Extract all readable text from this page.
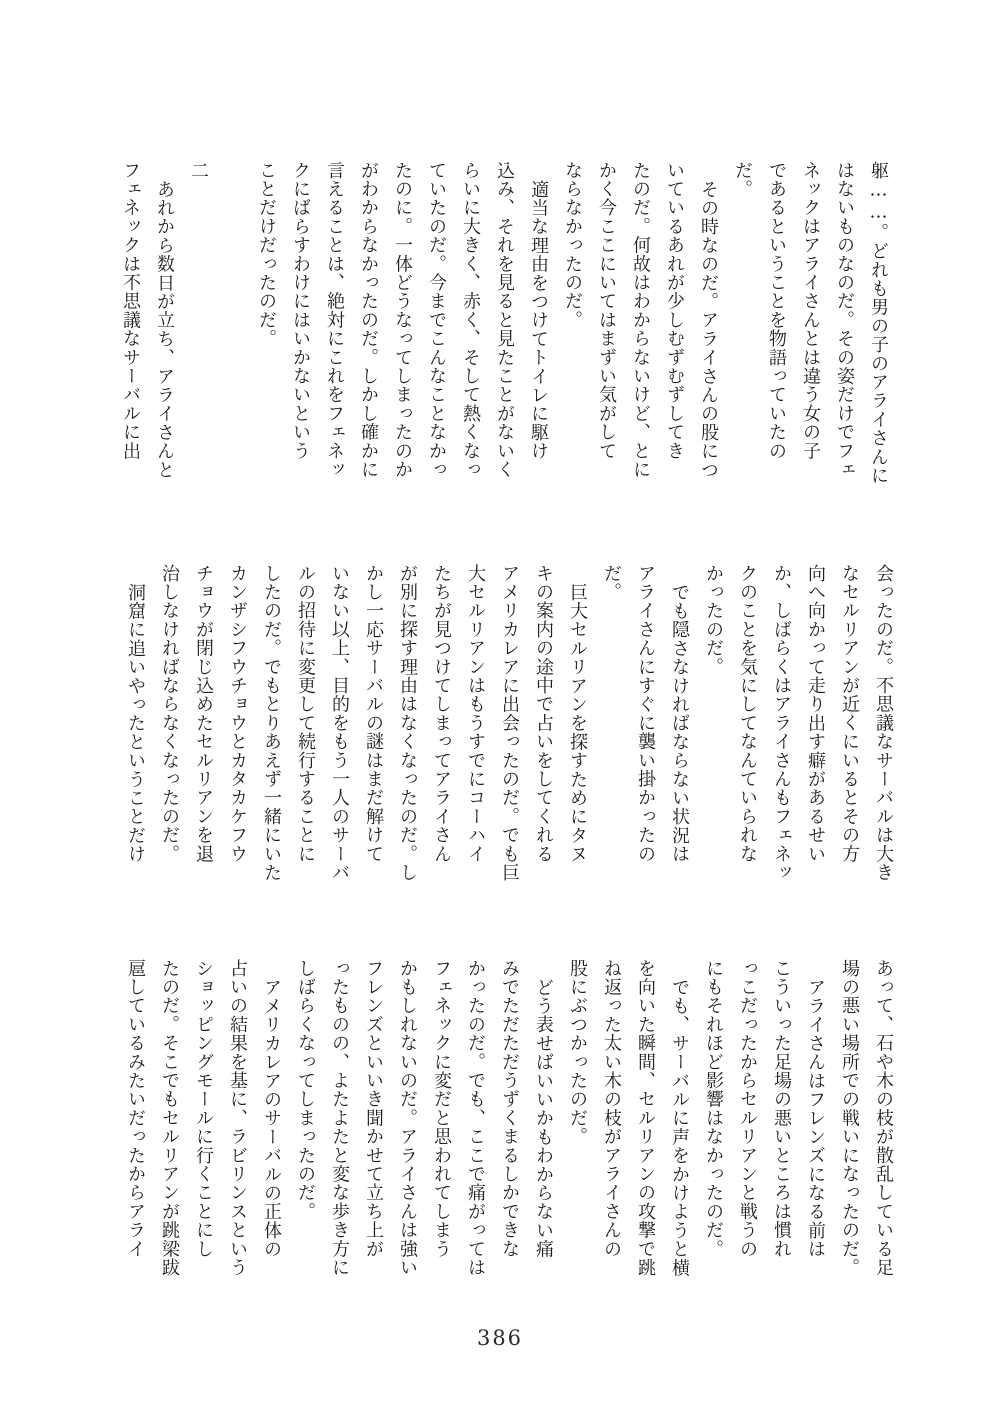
躯……。どれも男の子のアライさんに

はないものなのだ。その姿だけでフェ

ネックはアライさんとは違う女の子

であるということを物語っていたの

だ。

その時なのだ。アライさんの股につ

いているあれが少しむずむずしてき

たのだ。何故はわからないけど、とに

かく今ここにいてはまずい気がして

ならなかったのだ。

適当な理由をつけてトイレに駆け

込み、それを見ると見たことがないく

らいに大きく、赤く、そして熱くなっ

ていたのだ。今までこんなことなかっ

たのに。一体どうなってしまったのか

がわからなかったのだ。しかし確かに

言えることは、絶対にこれをフェネッ

クにばらすわけにはいかないという

ことだけだったのだ。

二

あれから数日が立ち、アライさんと

フェネックは不思議なサーバルに出

会ったのだ。不思議なサーバルは大き

なセルリアンが近くにいるとその方

向へ向かって走り出す癖があるせい

か、しばらくはアライさんもフェネッ

クのことを気にしてなんていられな

かったのだ。

でも隠さなければならない状況は

アライさんにすぐに襲い掛かったの

だ。

巨大セルリアンを探すためにタヌ

キの案内の途中で占いをしてくれる

アメリカレアに出会ったのだ。でも巨

大セルリアンはもうすでにコーハイ

たちが見つけてしまってアライさん

が別に探す理由はなくなったのだ。し

かし一応サーバルの謎はまだ解けて

いない以上、目的をもう一人のサーバ

ルの招待に変更して続行することに

したのだ。でもとりあえず一緒にいた

カンザシフウチョウとカタカケフウ

チョウが閉じ込めたセルリアンを退

治しなければならなくなったのだ。

洞窟に追いやったということだけ

あって、石や木の枝が散乱している足

場の悪い場所での戦いになったのだ。

アライさんはフレンズになる前は

こういった足場の悪いところは慣れ

っこだったからセルリアンと戦うの

にもそれほど影響はなかったのだ。

でも、サーバルに声をかけようと横

を向いた瞬間、セルリアンの攻撃で跳

ね返った太い木の枝がアライさんの

股にぶつかったのだ。

どう表せばいいかもわからない痛

みでただただうずくまるしかできな

かったのだ。でも、ここで痛がっては

フェネックに変だと思われてしまう

かもしれないのだ。アライさんは強い

フレンズといいき聞かせて立ち上が

ったものの、よたよたと変な歩き方に

しばらくなってしまったのだ。

アメリカレアのサーバルの正体の

占いの結果を基に、ラビリンスという

ショッピングモールに行くことにし

たのだ。そこでもセルリアンが跳梁跋

扈しているみたいだったからアライ

386
